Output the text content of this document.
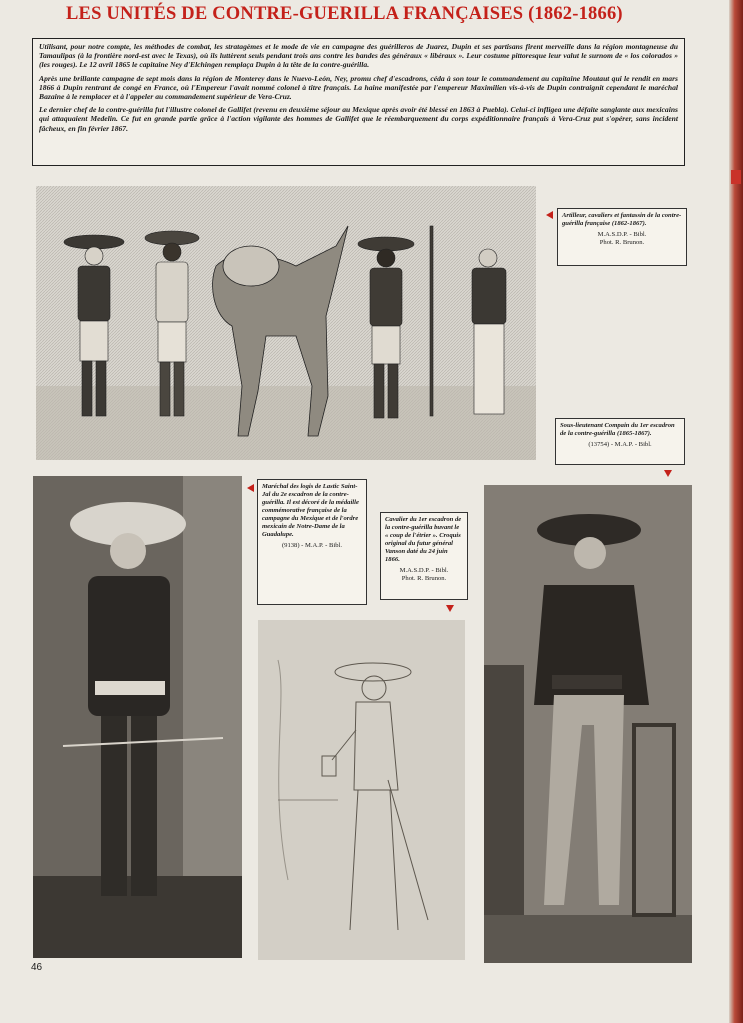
LES UNITÉS DE CONTRE-GUERILLA FRANÇAISES (1862-1866)

Utilisant, pour notre compte, les méthodes de combat, les stratagèmes et le mode de vie en campagne des guérilleros de Juarez, Dupin et ses partisans firent merveille dans la région montagneuse du Tamaulipas (à la frontière nord-est avec le Texas), où ils luttèrent seuls pendant trois ans contre les bandes des généraux « libéraux ». Leur costume pittoresque leur valut le surnom de « los colorados » (les rouges). Le 12 avril 1865 le capitaine Ney d'Elchingen remplaça Dupin à la tête de la contre-guérilla.

Après une brillante campagne de sept mois dans la région de Monterey dans le Nuevo-León, Ney, promu chef d'escadrons, céda à son tour le commandement au capitaine Moutaut qui le rendit en mars 1866 à Dupin rentrant de congé en France, où l'Empereur l'avait nommé colonel à titre français. La haine manifestée par l'empereur Maximilien vis-à-vis de Dupin contraignit cependant le maréchal Bazaine à le remplacer et à l'appeler au commandement supérieur de Vera-Cruz.

Le dernier chef de la contre-guérilla fut l'illustre colonel de Gallifet (revenu en deuxième séjour au Mexique après avoir été blessé en 1863 à Puebla). Celui-ci infligea une défaite sanglante aux mexicains qui attaquaient Medelin. Ce fut en grande partie grâce à l'action vigilante des hommes de Gallifet que le réembarquement du corps expéditionnaire français à Vera-Cruz put s'opérer, sans incident fâcheux, en fin février 1867.

Artilleur, cavaliers et fantassin de la contre-guérilla française (1862-1867).
M.A.S.D.P. - Bibl.
Phot. R. Brunon.
Sous-lieutenant Compain du 1er escadron de la contre-guérilla (1865-1867).
(13754) - M.A.P. - Bibl.
Maréchal des logis de Lastic Saint-Jal du 2e escadron de la contre-guérilla. Il est décoré de la médaille commémorative française de la campagne du Mexique et de l'ordre mexicain de Notre-Dame de la Guadalupe.
(9138) - M.A.P. - Bibl.
Cavalier du 1er escadron de la contre-guérilla buvant le « coup de l'étrier ». Croquis original du futur général Vanson daté du 24 juin 1866.
M.A.S.D.P. - Bibl.
Phot. R. Brunon.
46
